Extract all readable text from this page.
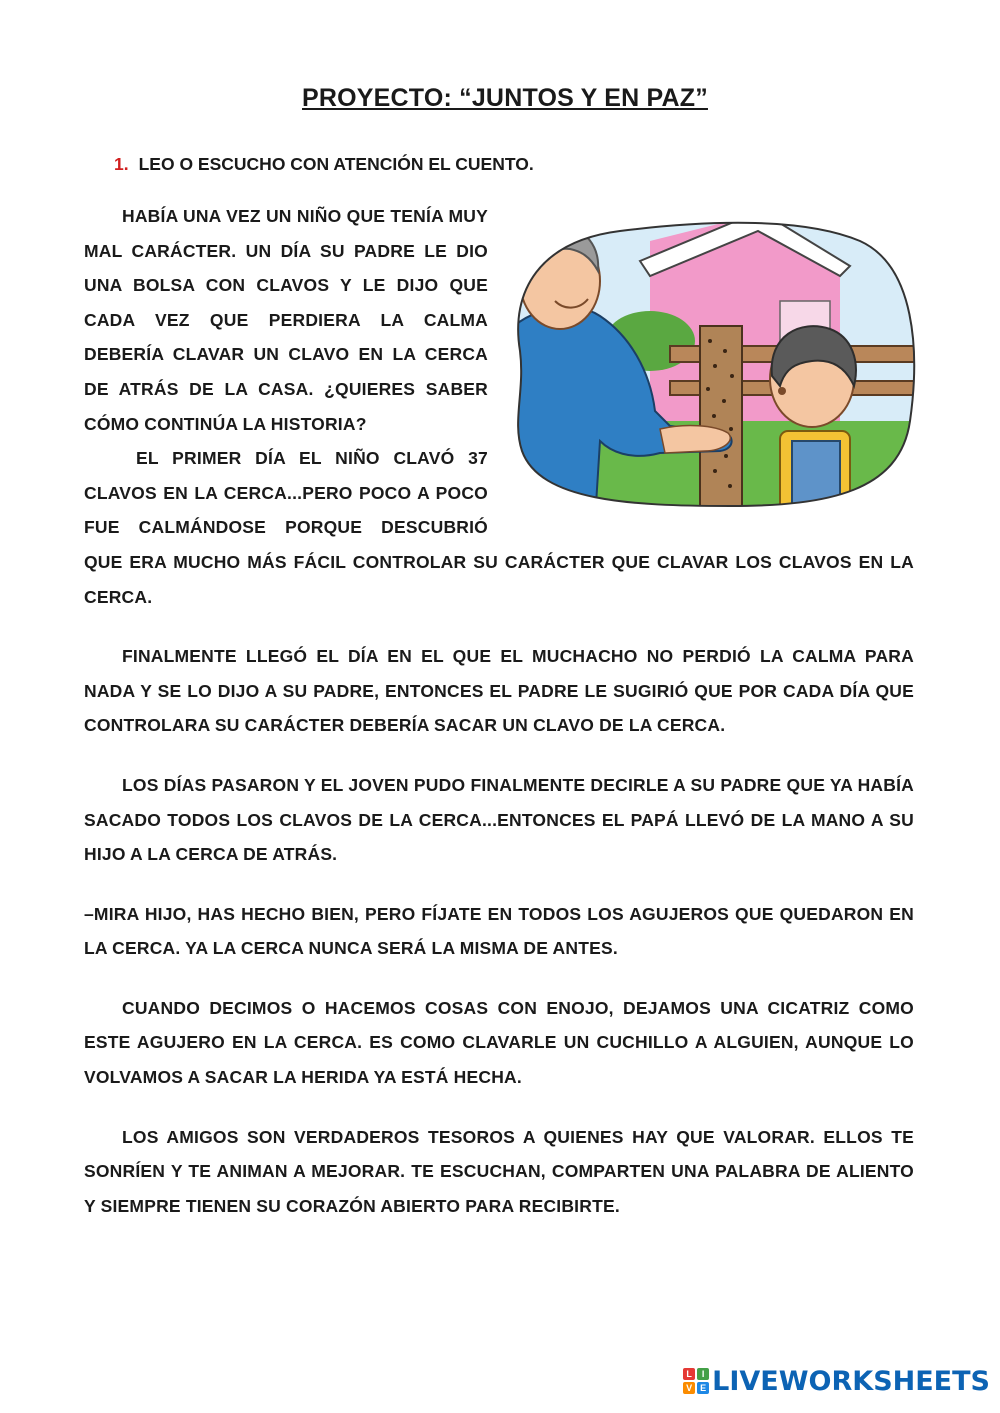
PROYECTO: “JUNTOS Y EN PAZ”
1. LEO O ESCUCHO CON ATENCIÓN EL CUENTO.

HABÍA UNA VEZ UN NIÑO QUE TENÍA MUY MAL CARÁCTER. UN DÍA SU PADRE LE DIO UNA BOLSA CON CLAVOS Y LE DIJO QUE CADA VEZ QUE PERDIERA LA CALMA DEBERÍA CLAVAR UN CLAVO EN LA CERCA DE ATRÁS DE LA CASA. ¿QUIERES SABER CÓMO CONTINÚA LA HISTORIA?

EL PRIMER DÍA EL NIÑO CLAVÓ 37 CLAVOS EN LA CERCA...PERO POCO A POCO FUE CALMÁNDOSE PORQUE DESCUBRIÓ QUE ERA MUCHO MÁS FÁCIL CONTROLAR SU CARÁCTER QUE CLAVAR LOS CLAVOS EN LA CERCA.

FINALMENTE LLEGÓ EL DÍA EN EL QUE EL MUCHACHO NO PERDIÓ LA CALMA PARA NADA Y SE LO DIJO A SU PADRE, ENTONCES EL PADRE LE SUGIRIÓ QUE POR CADA DÍA QUE CONTROLARA SU CARÁCTER DEBERÍA SACAR UN CLAVO DE LA CERCA.

LOS DÍAS PASARON Y EL JOVEN PUDO FINALMENTE DECIRLE A SU PADRE QUE YA HABÍA SACADO TODOS LOS CLAVOS DE LA CERCA...ENTONCES EL PAPÁ LLEVÓ DE LA MANO A SU HIJO A LA CERCA DE ATRÁS.

–MIRA HIJO, HAS HECHO BIEN, PERO FÍJATE EN TODOS LOS AGUJEROS QUE QUEDARON EN LA CERCA. YA LA CERCA NUNCA SERÁ LA MISMA DE ANTES.

CUANDO DECIMOS O HACEMOS COSAS CON ENOJO, DEJAMOS UNA CICATRIZ COMO ESTE AGUJERO EN LA CERCA. ES COMO CLAVARLE UN CUCHILLO A ALGUIEN, AUNQUE LO VOLVAMOS A SACAR LA HERIDA YA ESTÁ HECHA.

LOS AMIGOS SON VERDADEROS TESOROS A QUIENES HAY QUE VALORAR. ELLOS TE SONRÍEN Y TE ANIMAN A MEJORAR. TE ESCUCHAN, COMPARTEN UNA PALABRA DE ALIENTO Y SIEMPRE TIENEN SU CORAZÓN ABIERTO PARA RECIBIRTE.

L	I
V E LIVEWORKSHEETS
